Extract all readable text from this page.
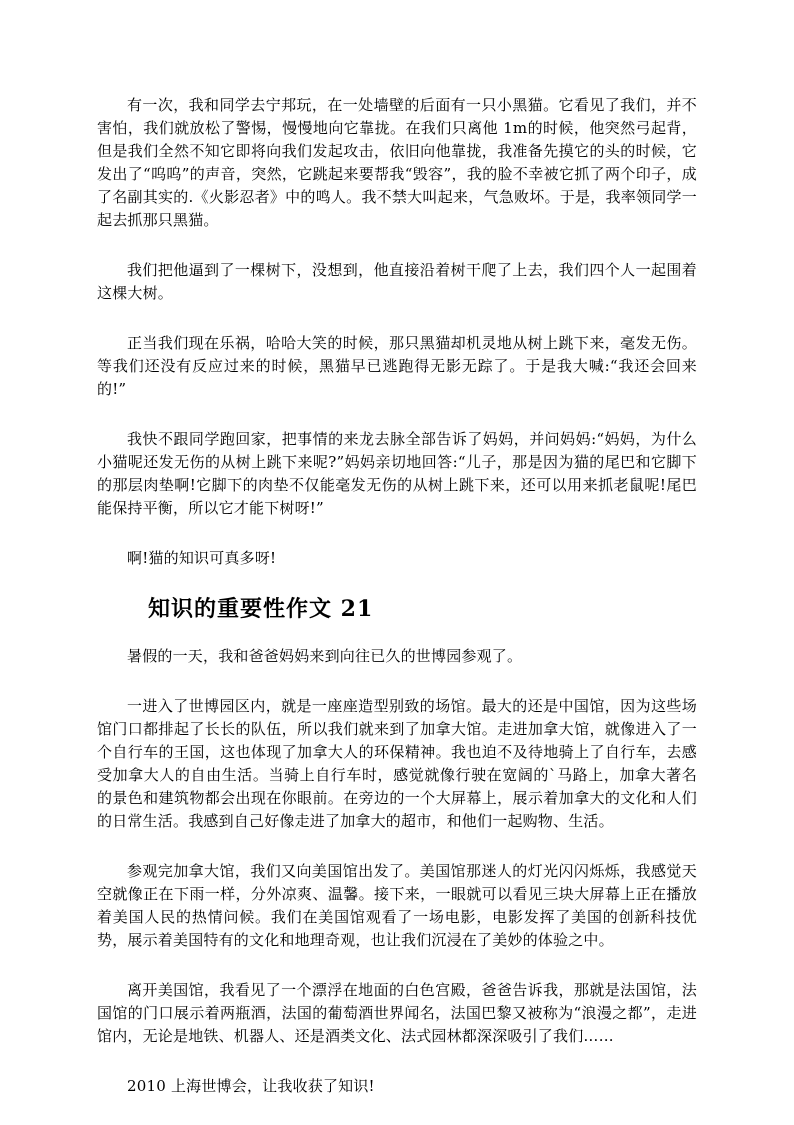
有一次，我和同学去宁邦玩，在一处墙壁的后面有一只小黑猫。它看见了我们，并不害怕，我们就放松了警惕，慢慢地向它靠拢。在我们只离他 1m的时候，他突然弓起背，但是我们全然不知它即将向我们发起攻击，依旧向他靠拢，我准备先摸它的头的时候，它发出了“呜呜”的声音，突然，它跳起来要帮我“毁容”，我的脸不幸被它抓了两个印子，成了名副其实的.《火影忍者》中的鸣人。我不禁大叫起来，气急败坏。于是，我率领同学一起去抓那只黑猫。

我们把他逼到了一棵树下，没想到，他直接沿着树干爬了上去，我们四个人一起围着这棵大树。

正当我们现在乐祸，哈哈大笑的时候，那只黑猫却机灵地从树上跳下来，毫发无伤。等我们还没有反应过来的时候，黑猫早已逃跑得无影无踪了。于是我大喊:“我还会回来的!”

我快不跟同学跑回家，把事情的来龙去脉全部告诉了妈妈，并问妈妈:“妈妈，为什么小猫呢还发无伤的从树上跳下来呢?”妈妈亲切地回答:“儿子，那是因为猫的尾巴和它脚下的那层肉垫啊!它脚下的肉垫不仅能毫发无伤的从树上跳下来，还可以用来抓老鼠呢!尾巴能保持平衡，所以它才能下树呀!”

啊!猫的知识可真多呀!

知识的重要性作文 21

暑假的一天，我和爸爸妈妈来到向往已久的世博园参观了。

一进入了世博园区内，就是一座座造型别致的场馆。最大的还是中国馆，因为这些场馆门口都排起了长长的队伍，所以我们就来到了加拿大馆。走进加拿大馆，就像进入了一个自行车的王国，这也体现了加拿大人的环保精神。我也迫不及待地骑上了自行车，去感受加拿大人的自由生活。当骑上自行车时，感觉就像行驶在宽阔的`马路上，加拿大著名的景色和建筑物都会出现在你眼前。在旁边的一个大屏幕上，展示着加拿大的文化和人们的日常生活。我感到自己好像走进了加拿大的超市，和他们一起购物、生活。

参观完加拿大馆，我们又向美国馆出发了。美国馆那迷人的灯光闪闪烁烁，我感觉天空就像正在下雨一样，分外凉爽、温馨。接下来，一眼就可以看见三块大屏幕上正在播放着美国人民的热情问候。我们在美国馆观看了一场电影，电影发挥了美国的创新科技优势，展示着美国特有的文化和地理奇观，也让我们沉浸在了美妙的体验之中。

离开美国馆，我看见了一个漂浮在地面的白色宫殿，爸爸告诉我，那就是法国馆，法国馆的门口展示着两瓶酒，法国的葡萄酒世界闻名，法国巴黎又被称为“浪漫之都”，走进馆内，无论是地铁、机器人、还是酒类文化、法式园林都深深吸引了我们……

2010 上海世博会，让我收获了知识!
